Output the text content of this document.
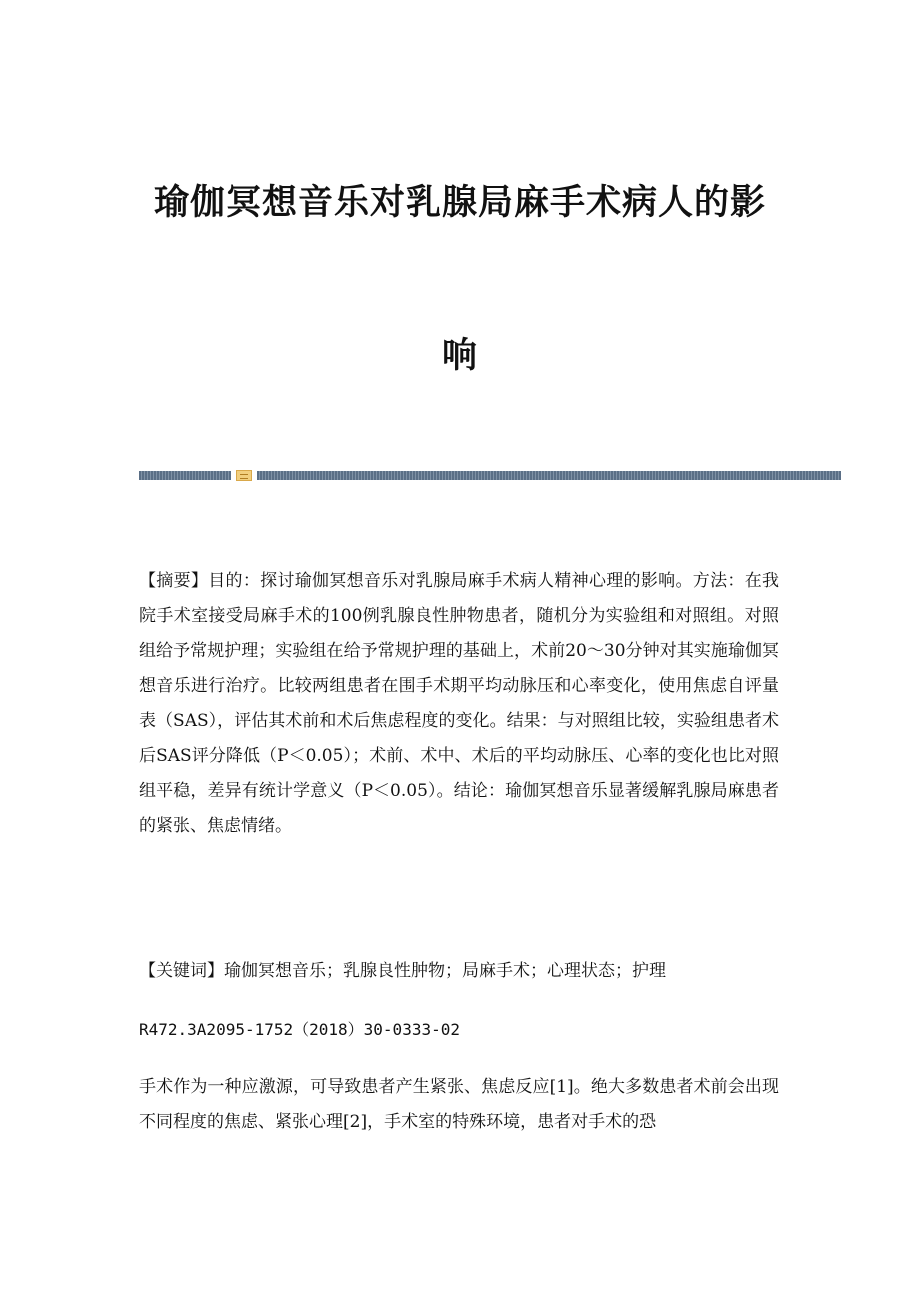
瑜伽冥想音乐对乳腺局麻手术病人的影
响

【摘要】目的：探讨瑜伽冥想音乐对乳腺局麻手术病人精神心理的影响。方法：在我院手术室接受局麻手术的100例乳腺良性肿物患者，随机分为实验组和对照组。对照组给予常规护理；实验组在给予常规护理的基础上，术前20～30分钟对其实施瑜伽冥想音乐进行治疗。比较两组患者在围手术期平均动脉压和心率变化，使用焦虑自评量表（SAS），评估其术前和术后焦虑程度的变化。结果：与对照组比较，实验组患者术后SAS评分降低（P＜0.05）；术前、术中、术后的平均动脉压、心率的变化也比对照组平稳，差异有统计学意义（P＜0.05）。结论：瑜伽冥想音乐显著缓解乳腺局麻患者的紧张、焦虑情绪。

【关键词】瑜伽冥想音乐；乳腺良性肿物；局麻手术；心理状态；护理

R472.3A2095-1752（2018）30-0333-02

手术作为一种应激源，可导致患者产生紧张、焦虑反应[1]。绝大多数患者术前会出现不同程度的焦虑、紧张心理[2]，手术室的特殊环境，患者对手术的恐
